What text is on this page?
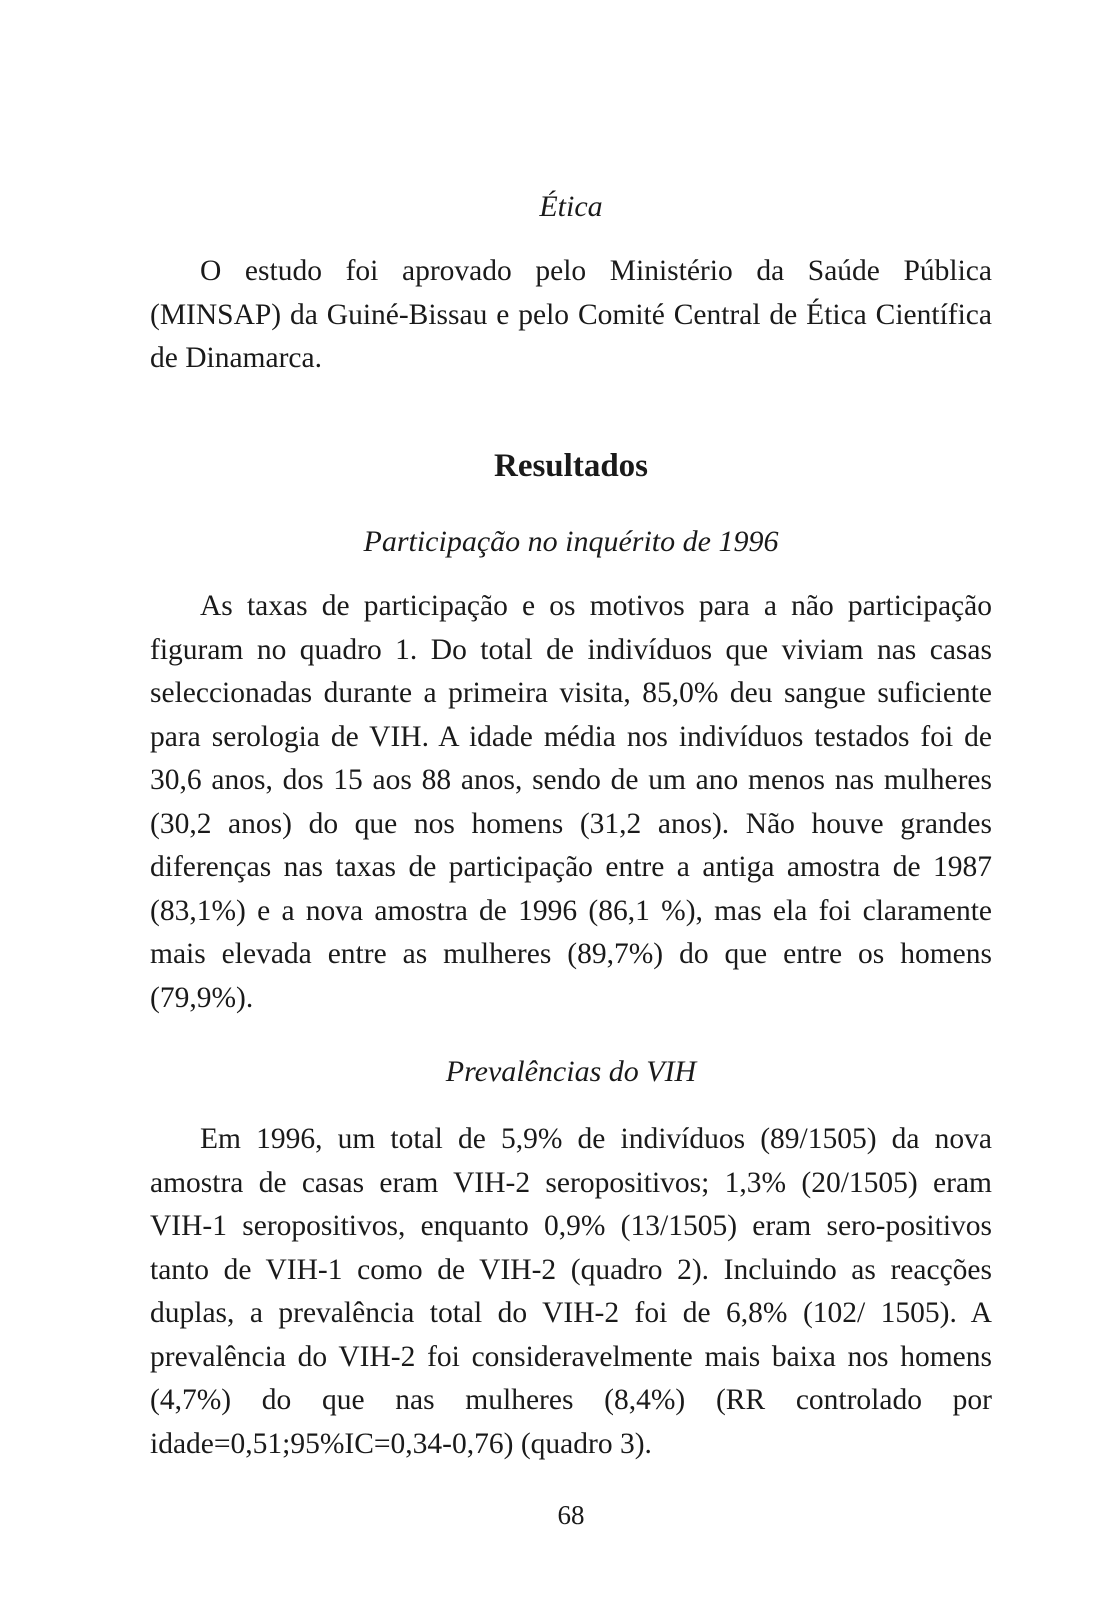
Ética

O estudo foi aprovado pelo Ministério da Saúde Pública (MINSAP) da Guiné-Bissau e pelo Comité Central de Ética Científica de Dinamarca.

Resultados
Participação no inquérito de 1996

As taxas de participação e os motivos para a não participação figuram no quadro 1. Do total de indivíduos que viviam nas casas seleccionadas durante a primeira visita, 85,0% deu sangue suficiente para serologia de VIH. A idade média nos indivíduos testados foi de 30,6 anos, dos 15 aos 88 anos, sendo de um ano menos nas mulheres (30,2 anos) do que nos homens (31,2 anos). Não houve grandes diferenças nas taxas de participação entre a antiga amostra de 1987 (83,1%) e a nova amostra de 1996 (86,1 %), mas ela foi claramente mais elevada entre as mulheres (89,7%) do que entre os homens (79,9%).

Prevalências do VIH

Em 1996, um total de 5,9% de indivíduos (89/1505) da nova amostra de casas eram VIH-2 seropositivos; 1,3% (20/1505) eram VIH-1 seropositivos, enquanto 0,9% (13/1505) eram sero-positivos tanto de VIH-1 como de VIH-2 (quadro 2). Incluindo as reacções duplas, a prevalência total do VIH-2 foi de 6,8% (102/ 1505). A prevalência do VIH-2 foi consideravelmente mais baixa nos homens (4,7%) do que nas mulheres (8,4%) (RR controlado por idade=0,51;95%IC=0,34-0,76) (quadro 3).

68
